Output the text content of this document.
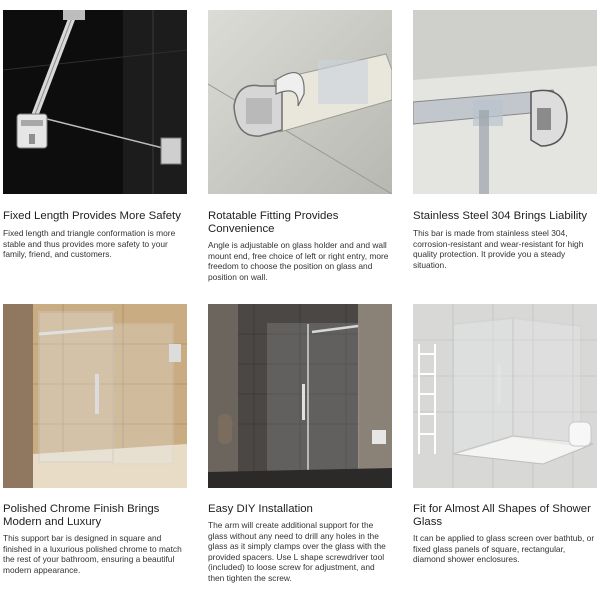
Fixed Length Provides More Safety
Fixed length and triangle conformation is more stable and thus provides more safety to your family, friend, and customers.
Rotatable Fitting Provides Convenience
Angle is adjustable on glass holder and and wall mount end, free choice of left or right entry, more freedom to choose the position on glass and position on wall.
Stainless Steel 304 Brings Liability
This bar is made from stainless steel 304, corrosion-resistant and wear-resistant for high quality protection. It provide you a steady situation.
Polished Chrome Finish Brings Modern and Luxury
This support bar is designed in square and finished in a luxurious polished chrome to match the rest of your bathroom, ensuring a beautiful modern appearance.
Easy DIY Installation
The arm will create additional support for the glass without any need to drill any holes in the glass as it simply clamps over the glass with the provided spacers. Use L shape screwdriver tool (included) to loose screw for adjustment, and then tighten the screw.
Fit for Almost All Shapes of Shower Glass
It can be applied to glass screen over bathtub, or fixed glass panels of square, rectangular, diamond shower enclosures.
